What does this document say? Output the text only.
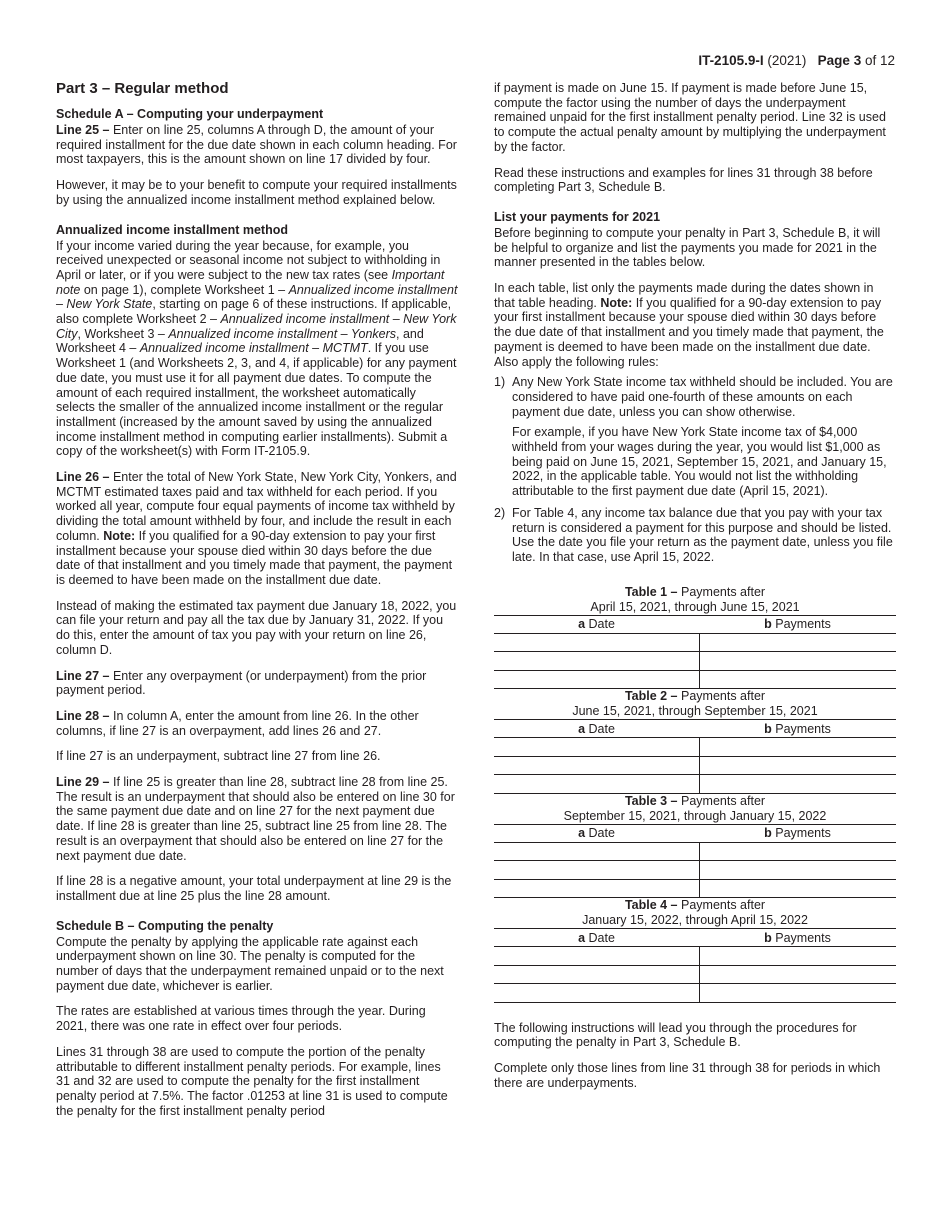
IT-2105.9-I (2021) Page 3 of 12
Part 3 – Regular method
Schedule A – Computing your underpayment

Line 25 – Enter on line 25, columns A through D, the amount of your required installment for the due date shown in each column heading. For most taxpayers, this is the amount shown on line 17 divided by four.

However, it may be to your benefit to compute your required installments by using the annualized income installment method explained below.

Annualized income installment method

If your income varied during the year because, for example, you received unexpected or seasonal income not subject to withholding in April or later, or if you were subject to the new tax rates (see Important note on page 1), complete Worksheet 1 – Annualized income installment – New York State, starting on page 6 of these instructions. If applicable, also complete Worksheet 2 – Annualized income installment – New York City, Worksheet 3 – Annualized income installment – Yonkers, and Worksheet 4 – Annualized income installment – MCTMT. If you use Worksheet 1 (and Worksheets 2, 3, and 4, if applicable) for any payment due date, you must use it for all payment due dates. To compute the amount of each required installment, the worksheet automatically selects the smaller of the annualized income installment or the regular installment (increased by the amount saved by using the annualized income installment method in computing earlier installments). Submit a copy of the worksheet(s) with Form IT-2105.9.

Line 26 – Enter the total of New York State, New York City, Yonkers, and MCTMT estimated taxes paid and tax withheld for each period. If you worked all year, compute four equal payments of income tax withheld by dividing the total amount withheld by four, and include the result in each column. Note: If you qualified for a 90-day extension to pay your first installment because your spouse died within 30 days before the due date of that installment and you timely made that payment, the payment is deemed to have been made on the installment due date.

Instead of making the estimated tax payment due January 18, 2022, you can file your return and pay all the tax due by January 31, 2022. If you do this, enter the amount of tax you pay with your return on line 26, column D.

Line 27 – Enter any overpayment (or underpayment) from the prior payment period.

Line 28 – In column A, enter the amount from line 26. In the other columns, if line 27 is an overpayment, add lines 26 and 27.

If line 27 is an underpayment, subtract line 27 from line 26.

Line 29 – If line 25 is greater than line 28, subtract line 28 from line 25. The result is an underpayment that should also be entered on line 30 for the same payment due date and on line 27 for the next payment due date. If line 28 is greater than line 25, subtract line 25 from line 28. The result is an overpayment that should also be entered on line 27 for the next payment due date.

If line 28 is a negative amount, your total underpayment at line 29 is the installment due at line 25 plus the line 28 amount.

Schedule B – Computing the penalty

Compute the penalty by applying the applicable rate against each underpayment shown on line 30. The penalty is computed for the number of days that the underpayment remained unpaid or to the next payment due date, whichever is earlier.

The rates are established at various times through the year. During 2021, there was one rate in effect over four periods.

Lines 31 through 38 are used to compute the portion of the penalty attributable to different installment penalty periods. For example, lines 31 and 32 are used to compute the penalty for the first installment penalty period at 7.5%. The factor .01253 at line 31 is used to compute the penalty for the first installment penalty period

if payment is made on June 15. If payment is made before June 15, compute the factor using the number of days the underpayment remained unpaid for the first installment penalty period. Line 32 is used to compute the actual penalty amount by multiplying the underpayment by the factor.

Read these instructions and examples for lines 31 through 38 before completing Part 3, Schedule B.

List your payments for 2021

Before beginning to compute your penalty in Part 3, Schedule B, it will be helpful to organize and list the payments you made for 2021 in the manner presented in the tables below.

In each table, list only the payments made during the dates shown in that table heading. Note: If you qualified for a 90-day extension to pay your first installment because your spouse died within 30 days before the due date of that installment and you timely made that payment, the payment is deemed to have been made on the installment due date. Also apply the following rules:

1) Any New York State income tax withheld should be included. You are considered to have paid one-fourth of these amounts on each payment due date, unless you can show otherwise.

For example, if you have New York State income tax of $4,000 withheld from your wages during the year, you would list $1,000 as being paid on June 15, 2021, September 15, 2021, and January 15, 2022, in the applicable table. You would not list the withholding attributable to the first payment due date (April 15, 2021).

2) For Table 4, any income tax balance due that you pay with your tax return is considered a payment for this purpose and should be listed. Use the date you file your return as the payment date, unless you file late. In that case, use April 15, 2022.

Table 1 – Payments after
April 15, 2021, through June 15, 2021
a Date	b Payments

Table 2 – Payments after
June 15, 2021, through September 15, 2021
a Date	b Payments

Table 3 – Payments after
September 15, 2021, through January 15, 2022
a Date	b Payments

Table 4 – Payments after
January 15, 2022, through April 15, 2022
a Date	b Payments

The following instructions will lead you through the procedures for computing the penalty in Part 3, Schedule B.

Complete only those lines from line 31 through 38 for periods in which there are underpayments.
